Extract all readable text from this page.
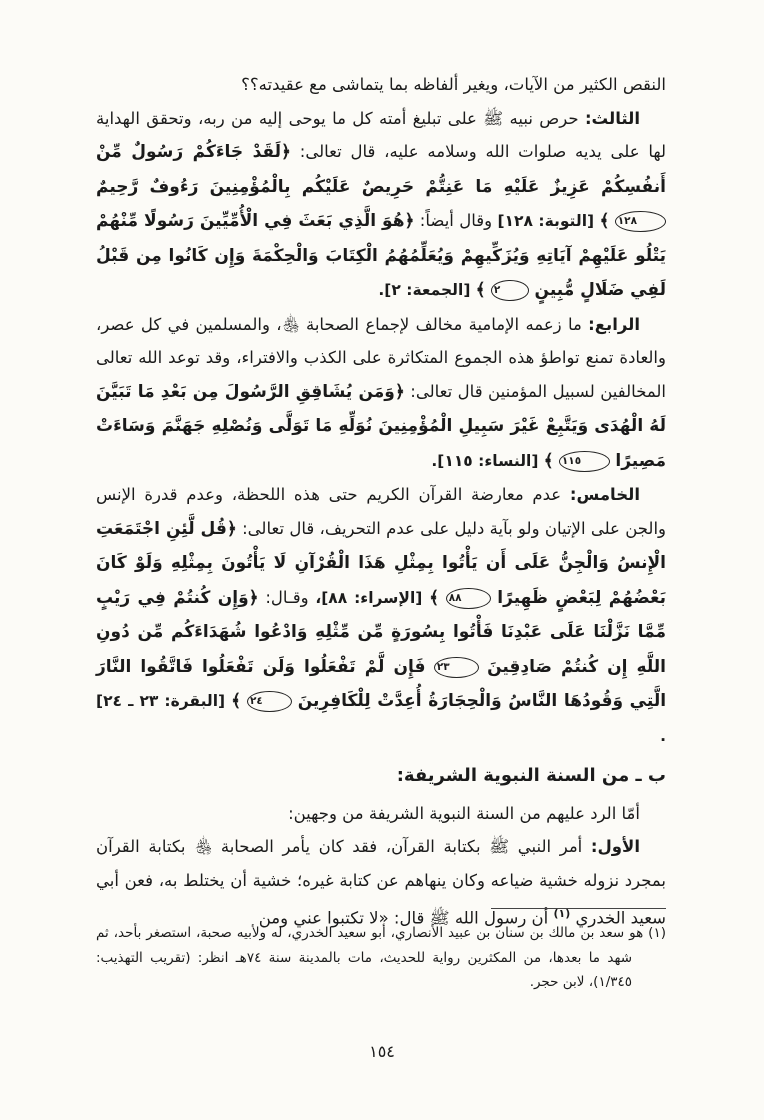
النقص الكثير من الآيات، ويغير ألفاظه بما يتماشى مع عقيدته؟؟

الثالث: حرص نبيه ﷺ على تبليغ أمته كل ما يوحى إليه من ربه، وتحقق الهداية لها على يديه صلوات الله وسلامه عليه، قال تعالى: ﴿لَقَدْ جَاءَكُمْ رَسُولٌ مِّنْ أَنفُسِكُمْ عَزِيزٌ عَلَيْهِ مَا عَنِتُّمْ حَرِيصٌ عَلَيْكُم بِالْمُؤْمِنِينَ رَءُوفٌ رَّحِيمٌ ١٢٨ ﴾ [التوبة: ١٢٨] وقال أيضاً: ﴿هُوَ الَّذِي بَعَثَ فِي الْأُمِّيِّينَ رَسُولًا مِّنْهُمْ يَتْلُو عَلَيْهِمْ آيَاتِهِ وَيُزَكِّيهِمْ وَيُعَلِّمُهُمُ الْكِتَابَ وَالْحِكْمَةَ وَإِن كَانُوا مِن قَبْلُ لَفِي ضَلَالٍ مُّبِينٍ ٢ ﴾ [الجمعة: ٢].

الرابع: ما زعمه الإمامية مخالف لإجماع الصحابة ﵃، والمسلمين في كل عصر، والعادة تمنع تواطؤ هذه الجموع المتكاثرة على الكذب والافتراء، وقد توعد الله تعالى المخالفين لسبيل المؤمنين قال تعالى: ﴿وَمَن يُشَاقِقِ الرَّسُولَ مِن بَعْدِ مَا تَبَيَّنَ لَهُ الْهُدَى وَيَتَّبِعْ غَيْرَ سَبِيلِ الْمُؤْمِنِينَ نُوَلِّهِ مَا تَوَلَّى وَنُصْلِهِ جَهَنَّمَ وَسَاءَتْ مَصِيرًا ١١٥ ﴾ [النساء: ١١٥].

الخامس: عدم معارضة القرآن الكريم حتى هذه اللحظة، وعدم قدرة الإنس والجن على الإتيان ولو بآية دليل على عدم التحريف، قال تعالى: ﴿قُل لَّئِنِ اجْتَمَعَتِ الْإِنسُ وَالْجِنُّ عَلَى أَن يَأْتُوا بِمِثْلِ هَذَا الْقُرْآنِ لَا يَأْتُونَ بِمِثْلِهِ وَلَوْ كَانَ بَعْضُهُمْ لِبَعْضٍ ظَهِيرًا ٨٨ ﴾ [الإسراء: ٨٨]، وقـال: ﴿وَإِن كُنتُمْ فِي رَيْبٍ مِّمَّا نَزَّلْنَا عَلَى عَبْدِنَا فَأْتُوا بِسُورَةٍ مِّن مِّثْلِهِ وَادْعُوا شُهَدَاءَكُم مِّن دُونِ اللَّهِ إِن كُنتُمْ صَادِقِينَ ٢٣ فَإِن لَّمْ تَفْعَلُوا وَلَن تَفْعَلُوا فَاتَّقُوا النَّارَ الَّتِي وَقُودُهَا النَّاسُ وَالْحِجَارَةُ أُعِدَّتْ لِلْكَافِرِينَ ٢٤ ﴾ [البقرة: ٢٣ ـ ٢٤] .

ب ـ من السنة النبوية الشريفة:

أمّا الرد عليهم من السنة النبوية الشريفة من وجهين:

الأول: أمر النبي ﷺ بكتابة القرآن، فقد كان يأمر الصحابة ﵃ بكتابة القرآن بمجرد نزوله خشية ضياعه وكان ينهاهم عن كتابة غيره؛ خشية أن يختلط به، فعن أبي سعيد الخدري $^{(١)}$ أن رسول الله ﷺ قال: «لا تكتبوا عني ومن

(١) هو سعد بن مالك بن سنان بن عبيد الأنصاري، أبو سعيد الخدري، له ولأبيه صحبة، استصغر بأحد، ثم شهد ما بعدها، من المكثرين رواية للحديث، مات بالمدينة سنة ٧٤هـ انظر: (تقريب التهذيب: ١/٣٤٥)، لابن حجر.

١٥٤
